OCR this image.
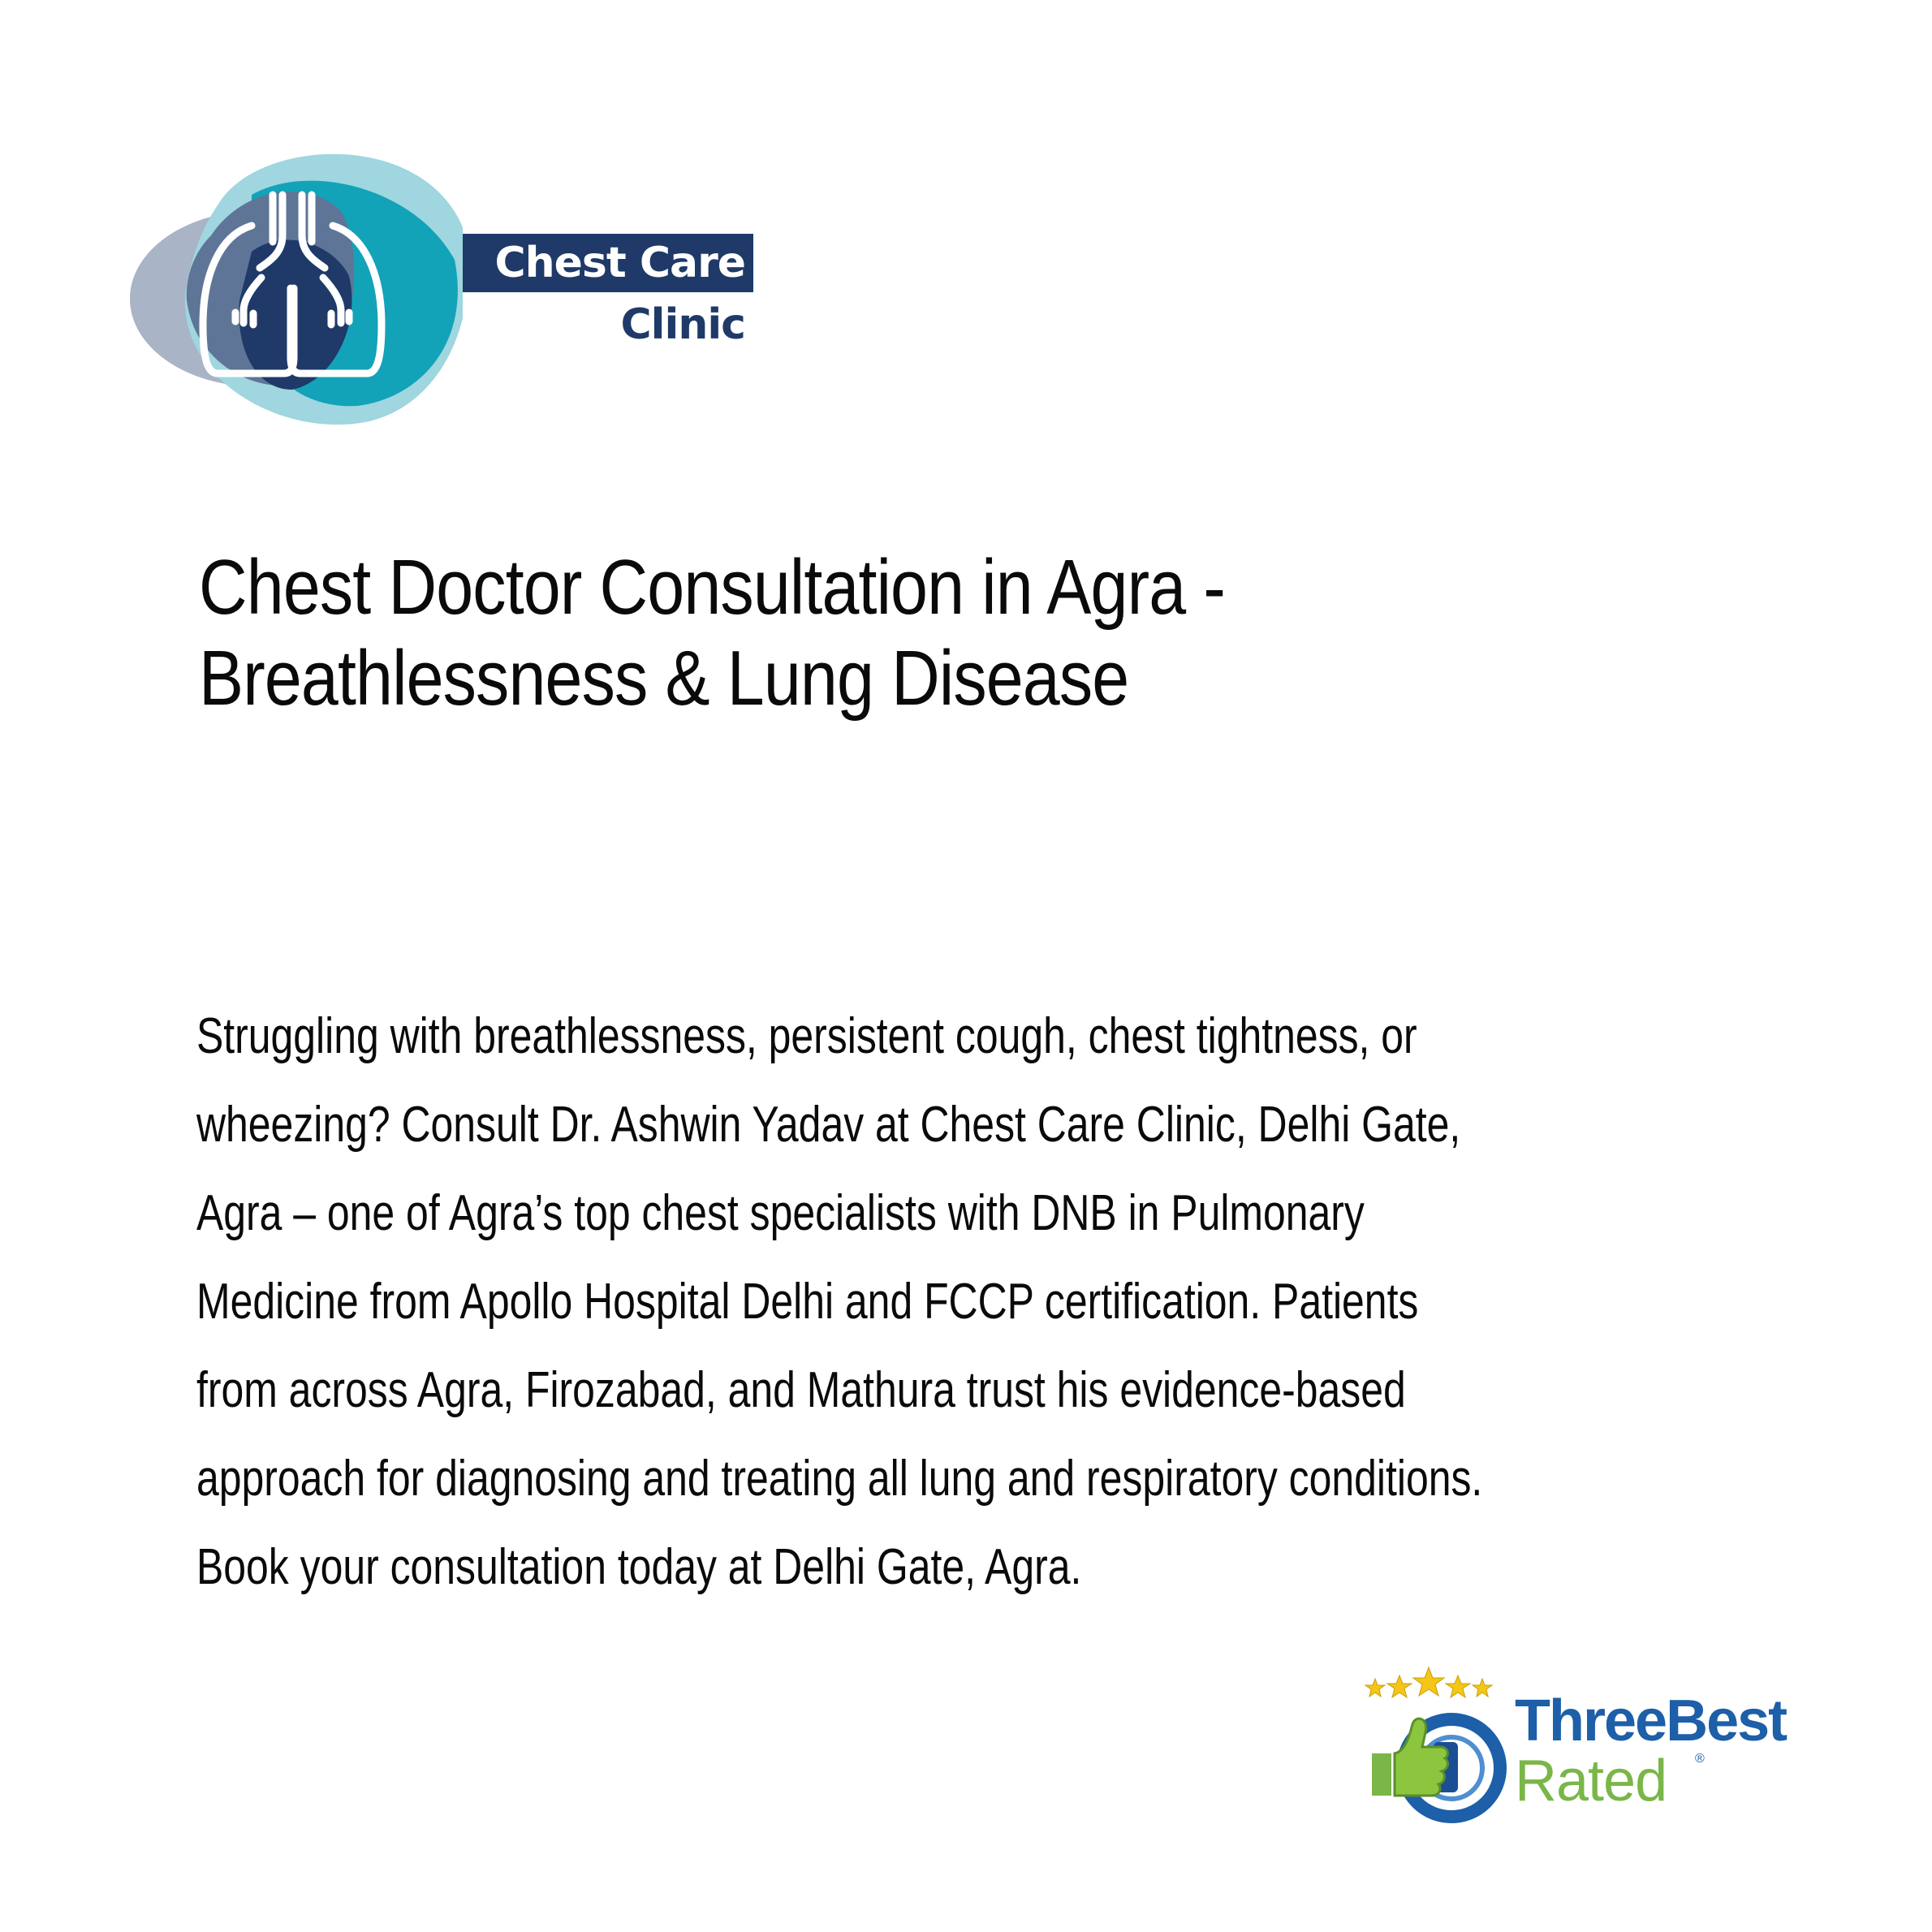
Chest Care
Clinic
Chest Doctor Consultation in Agra -
Breathlessness & Lung Disease
Struggling with breathlessness, persistent cough, chest tightness, or
wheezing? Consult Dr. Ashwin Yadav at Chest Care Clinic, Delhi Gate,
Agra – one of Agra’s top chest specialists with DNB in Pulmonary
Medicine from Apollo Hospital Delhi and FCCP certification. Patients
from across Agra, Firozabad, and Mathura trust his evidence-based
approach for diagnosing and treating all lung and respiratory conditions.
Book your consultation today at Delhi Gate, Agra.
ThreeBest
Rated ®
